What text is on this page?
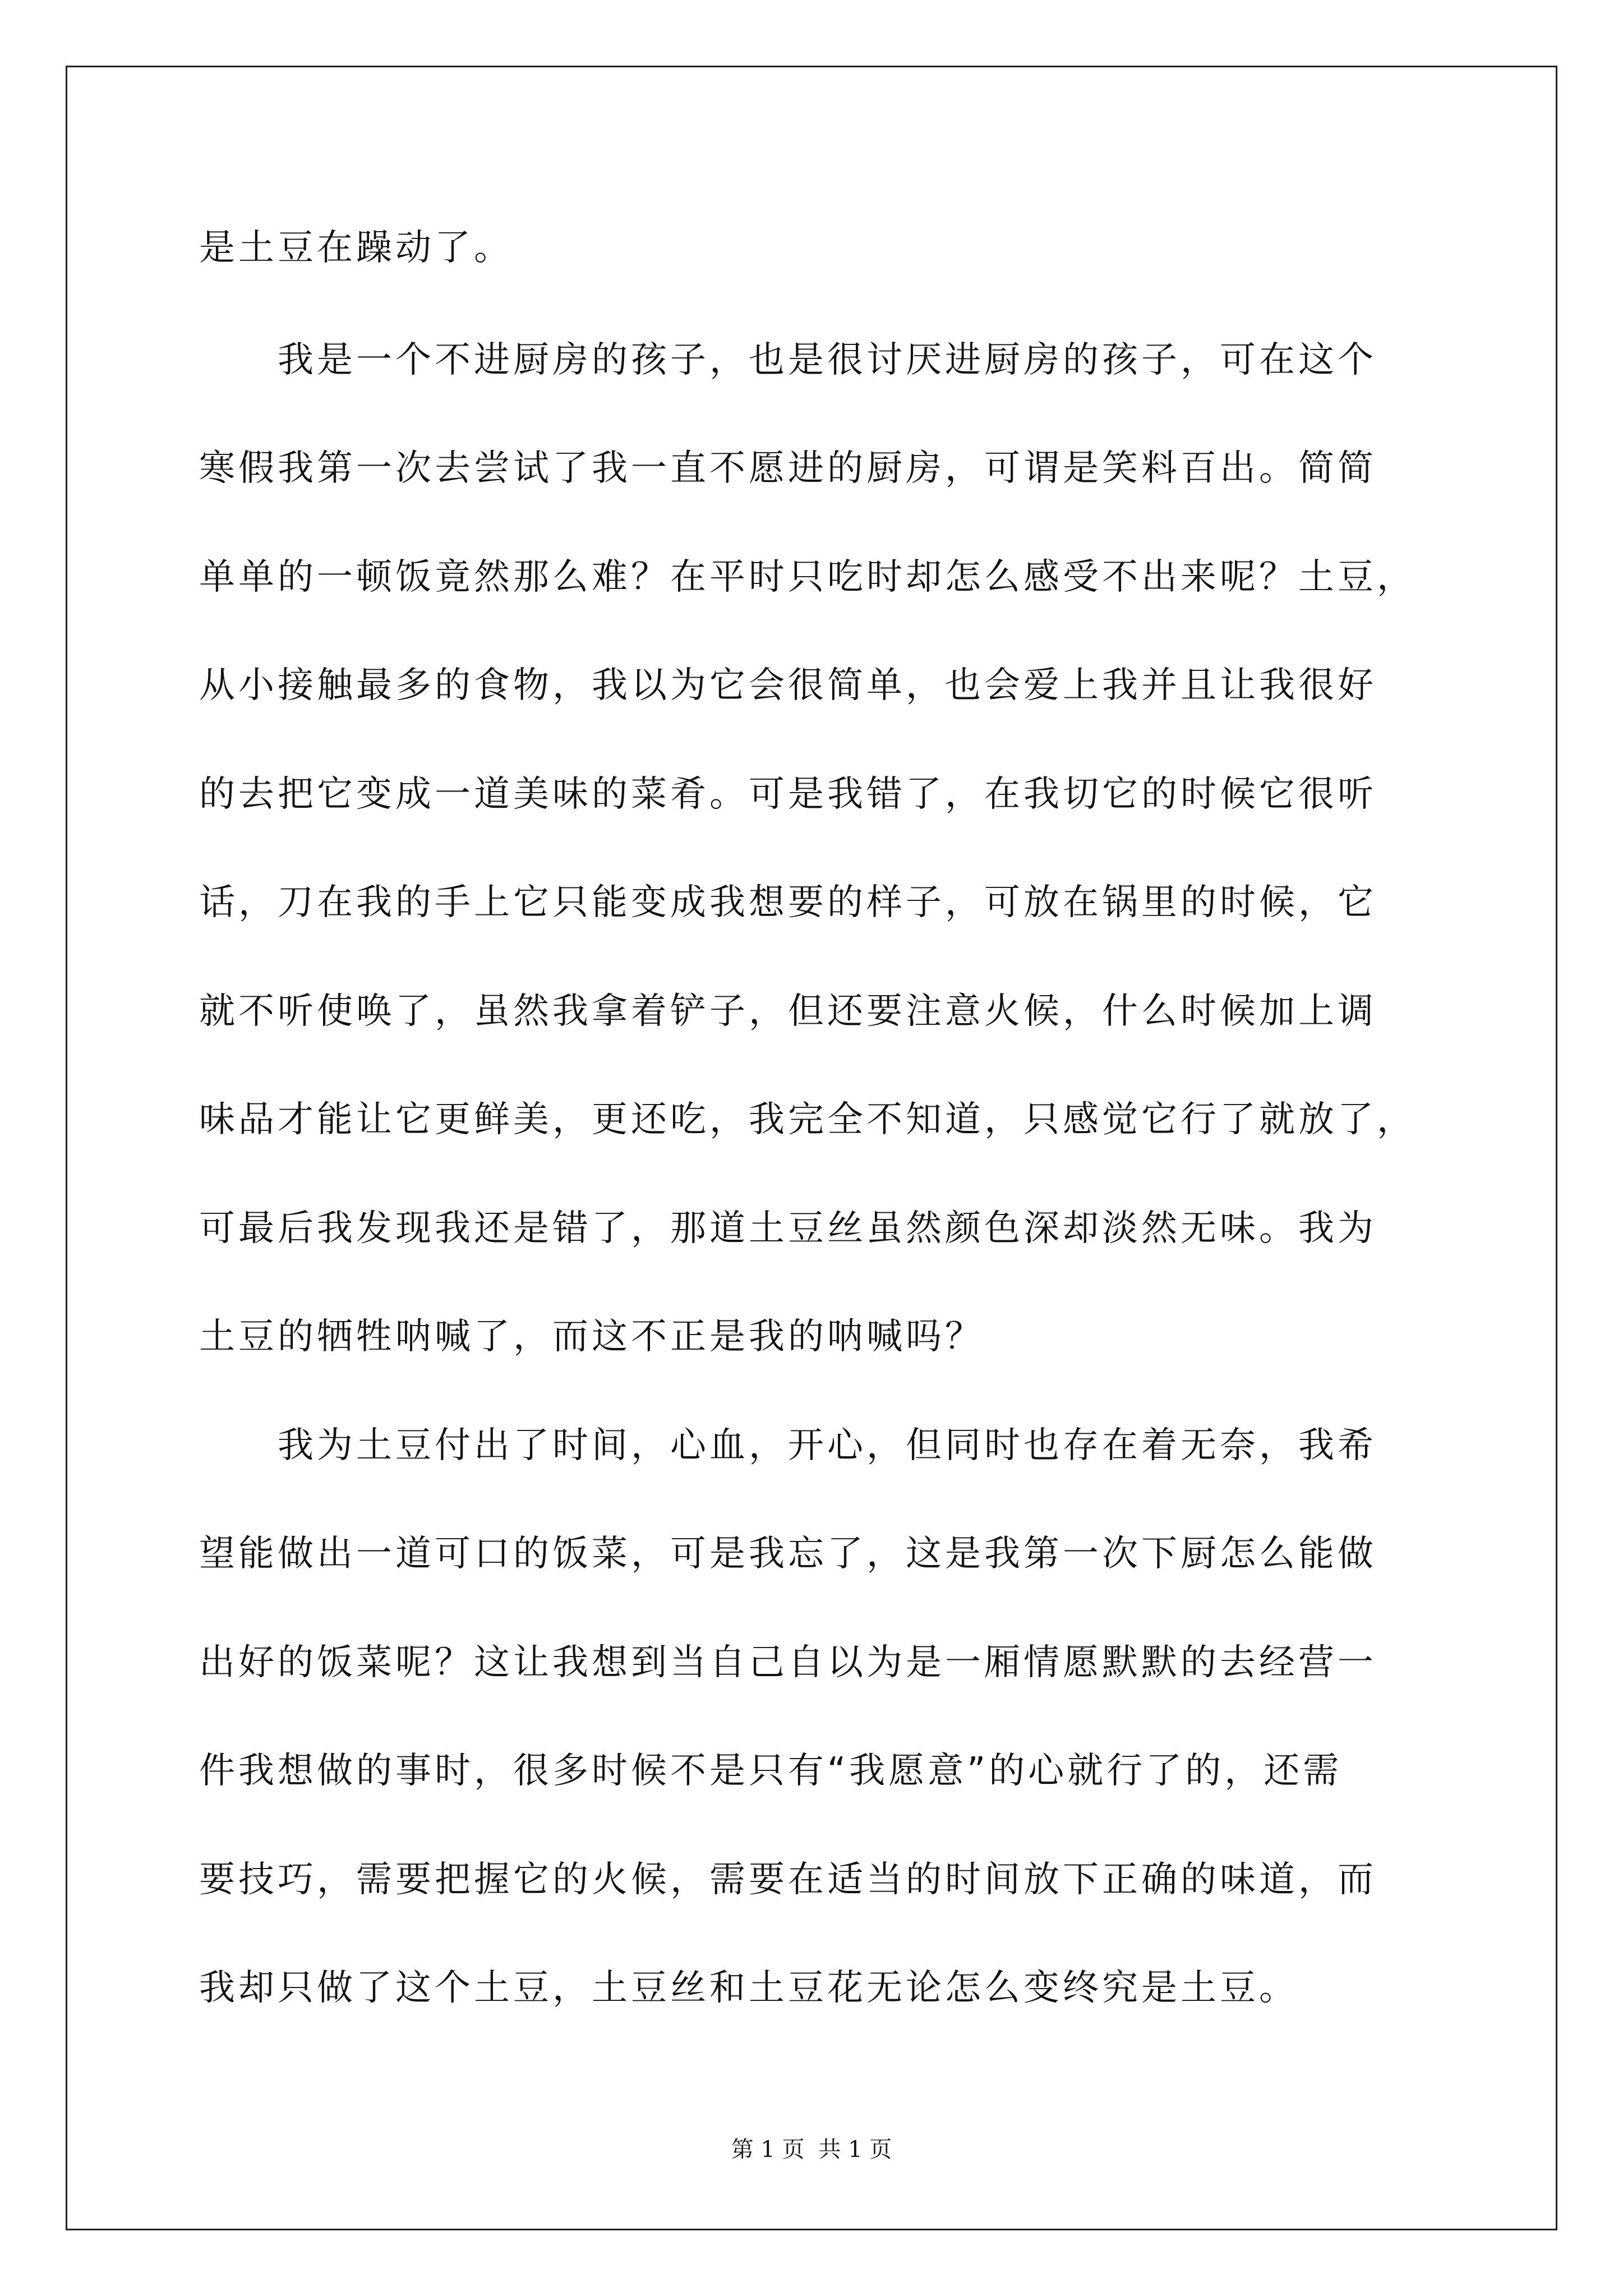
是土豆在躁动了。
　　我是一个不进厨房的孩子，也是很讨厌进厨房的孩子，可在这个
寒假我第一次去尝试了我一直不愿进的厨房，可谓是笑料百出。简简
单单的一顿饭竟然那么难？在平时只吃时却怎么感受不出来呢？土豆，
从小接触最多的食物，我以为它会很简单，也会爱上我并且让我很好
的去把它变成一道美味的菜肴。可是我错了，在我切它的时候它很听
话，刀在我的手上它只能变成我想要的样子，可放在锅里的时候，它
就不听使唤了，虽然我拿着铲子，但还要注意火候，什么时候加上调
味品才能让它更鲜美，更还吃，我完全不知道，只感觉它行了就放了，
可最后我发现我还是错了，那道土豆丝虽然颜色深却淡然无味。我为
土豆的牺牲呐喊了，而这不正是我的呐喊吗？
　　我为土豆付出了时间，心血，开心，但同时也存在着无奈，我希
望能做出一道可口的饭菜，可是我忘了，这是我第一次下厨怎么能做
出好的饭菜呢？这让我想到当自己自以为是一厢情愿默默的去经营一
件我想做的事时，很多时候不是只有“我愿意”的心就行了的，还需
要技巧，需要把握它的火候，需要在适当的时间放下正确的味道，而
我却只做了这个土豆，土豆丝和土豆花无论怎么变终究是土豆。
第 1 页 共 1 页
